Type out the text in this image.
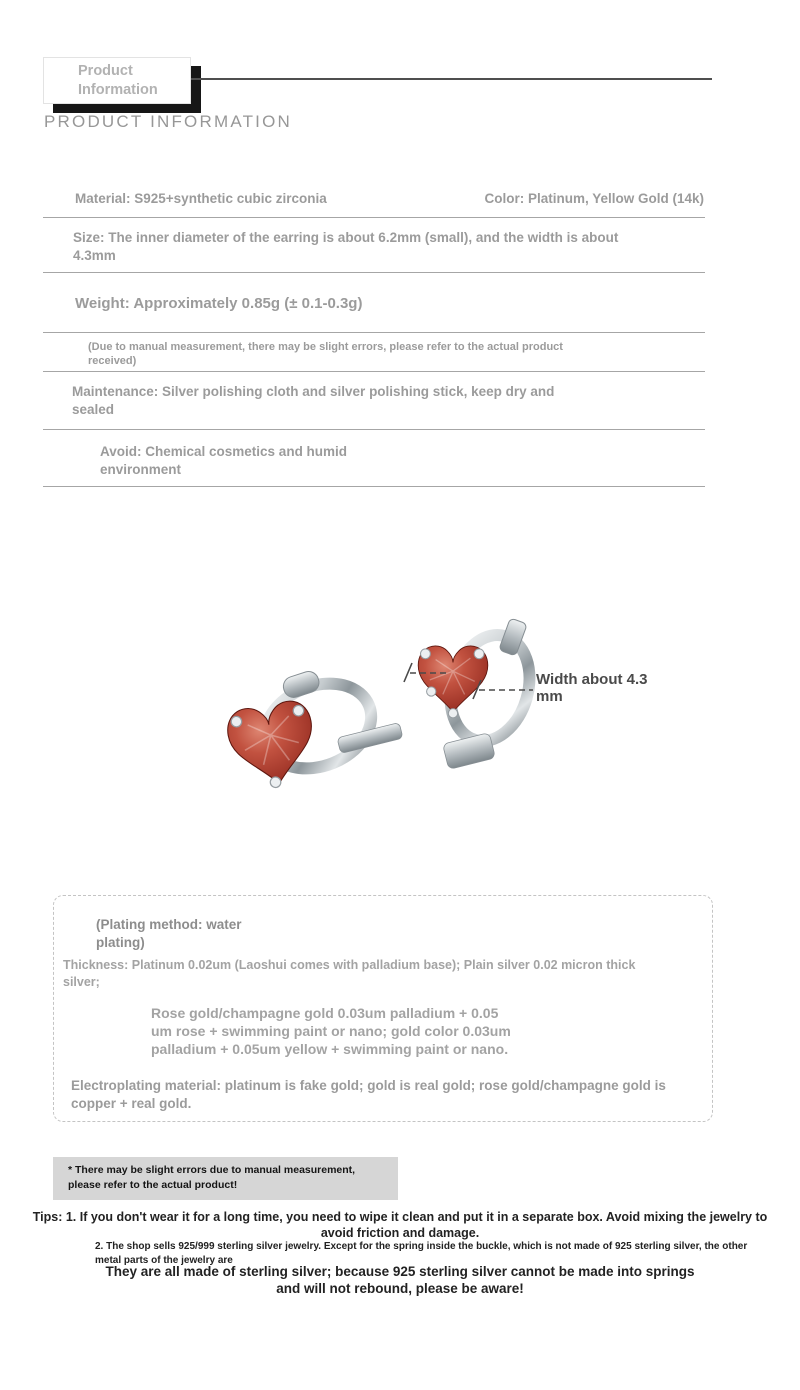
Product Information
PRODUCT INFORMATION
Material: S925+synthetic cubic zirconia	Color: Platinum, Yellow Gold (14k)
Size: The inner diameter of the earring is about 6.2mm (small), and the width is about 4.3mm
Weight: Approximately 0.85g (± 0.1-0.3g)
(Due to manual measurement, there may be slight errors, please refer to the actual product received)
Maintenance: Silver polishing cloth and silver polishing stick, keep dry and sealed
Avoid: Chemical cosmetics and humid environment
Width about 4.3 mm
(Plating method: water plating)
Thickness: Platinum 0.02um (Laoshui comes with palladium base); Plain silver 0.02 micron thick silver;
Rose gold/champagne gold 0.03um palladium + 0.05 um rose + swimming paint or nano; gold color 0.03um palladium + 0.05um yellow + swimming paint or nano.
Electroplating material: platinum is fake gold; gold is real gold; rose gold/champagne gold is copper + real gold.
* There may be slight errors due to manual measurement, please refer to the actual product!
Tips: 1. If you don't wear it for a long time, you need to wipe it clean and put it in a separate box. Avoid mixing the jewelry to avoid friction and damage.
2. The shop sells 925/999 sterling silver jewelry. Except for the spring inside the buckle, which is not made of 925 sterling silver, the other metal parts of the jewelry are
They are all made of sterling silver; because 925 sterling silver cannot be made into springs and will not rebound, please be aware!
